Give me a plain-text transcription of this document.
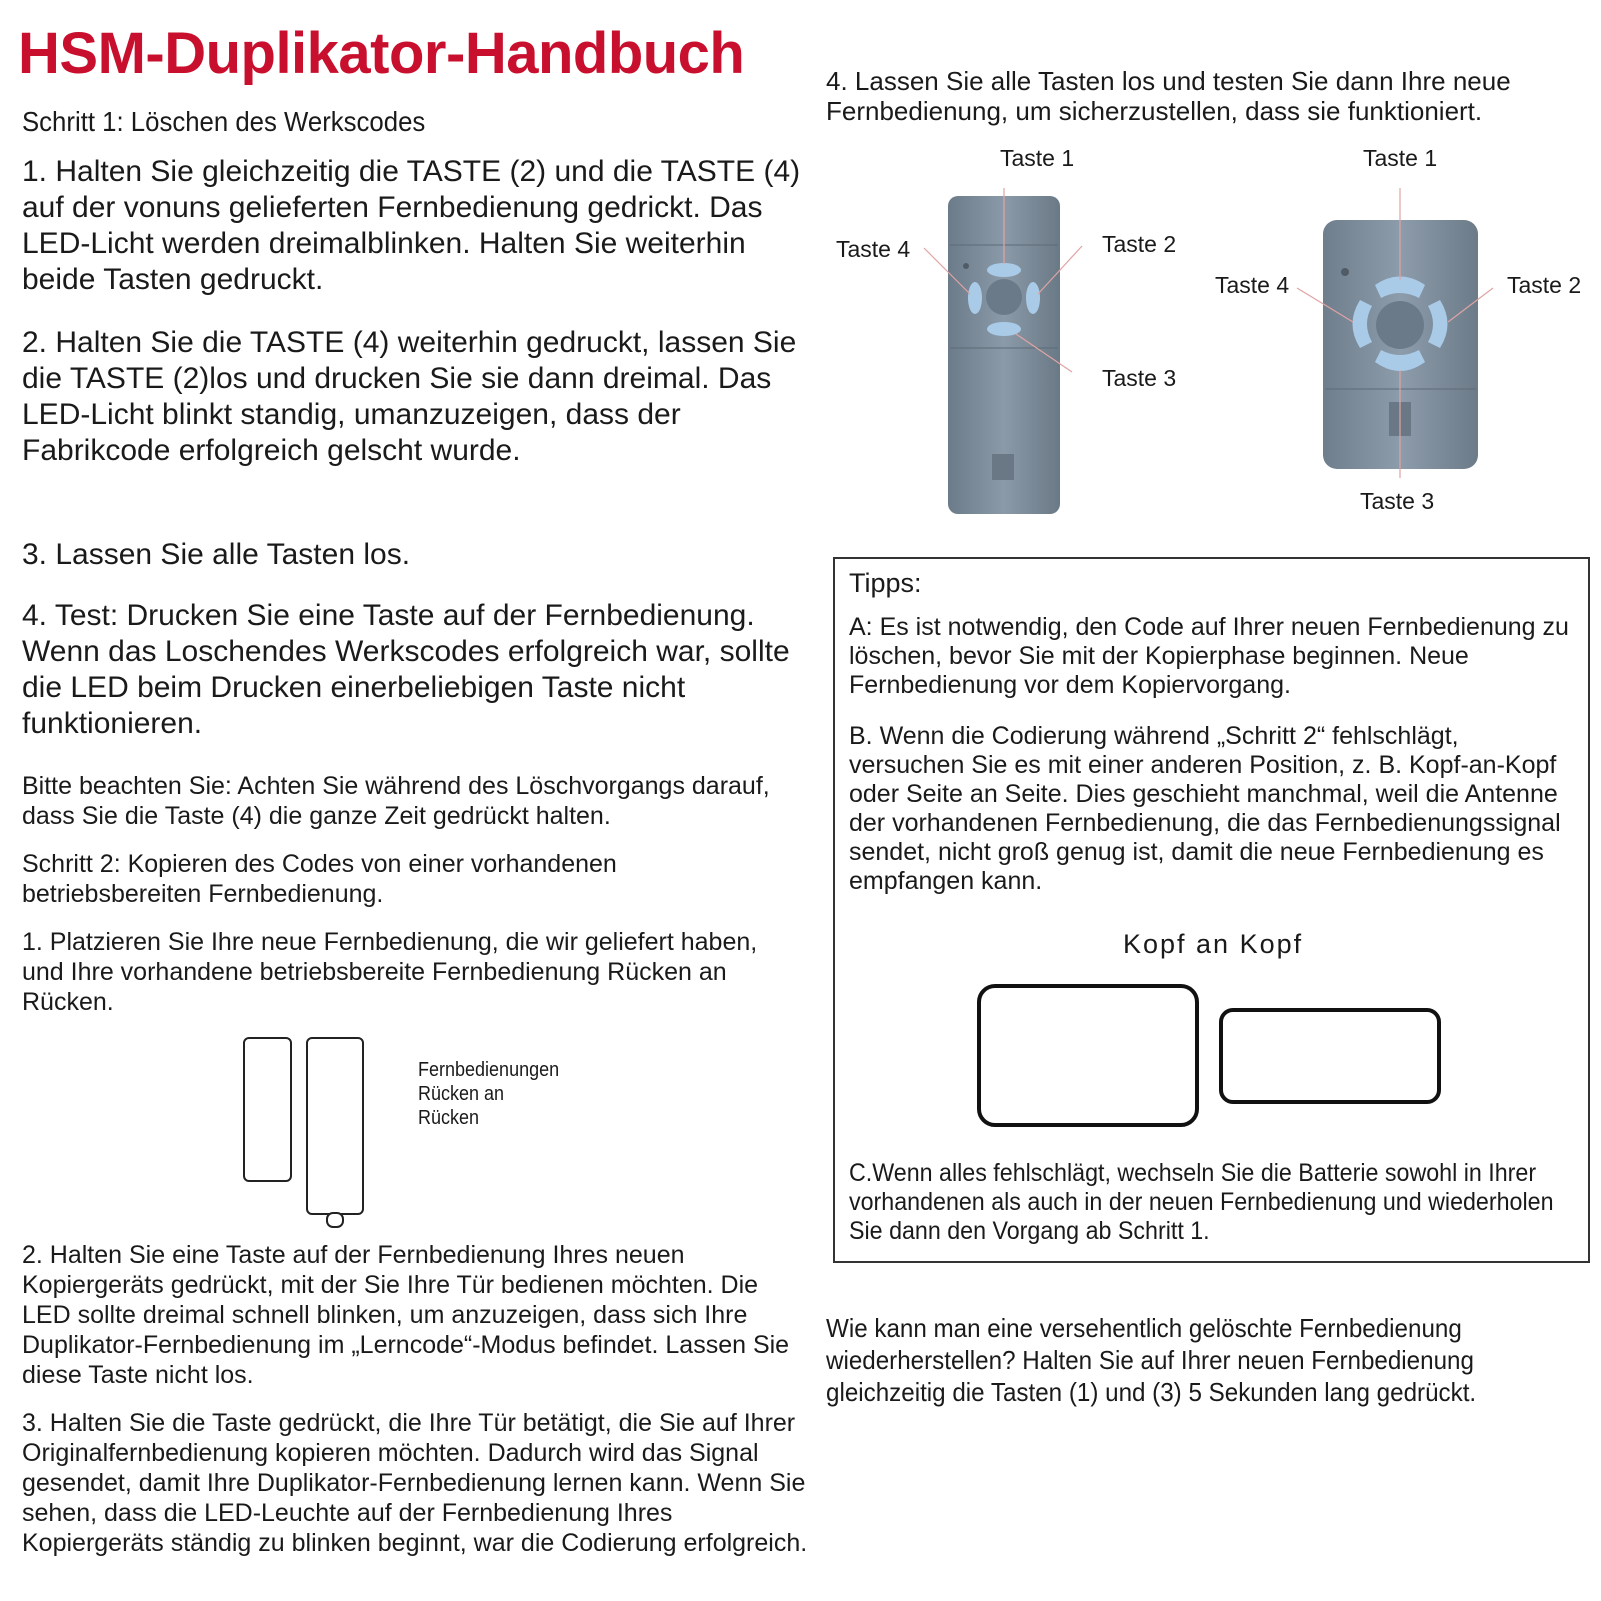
HSM-Duplikator-Handbuch
Schritt 1: Löschen des Werkscodes

1. Halten Sie gleichzeitig die TASTE (2) und die TASTE (4) auf der vonuns gelieferten Fernbedienung gedrickt. Das LED-Licht werden dreimalblinken. Halten Sie weiterhin beide Tasten gedruckt.

2. Halten Sie die TASTE (4) weiterhin gedruckt, lassen Sie die TASTE (2)los und drucken Sie sie dann dreimal. Das LED-Licht blinkt standig, umanzuzeigen, dass der Fabrikcode erfolgreich gelscht wurde.

3. Lassen Sie alle Tasten los.

4. Test: Drucken Sie eine Taste auf der Fernbedienung. Wenn das Loschendes Werkscodes erfolgreich war, sollte die LED beim Drucken einerbeliebigen Taste nicht funktionieren.

Bitte beachten Sie: Achten Sie während des Löschvorgangs darauf, dass Sie die Taste (4) die ganze Zeit gedrückt halten.

Schritt 2: Kopieren des Codes von einer vorhandenen betriebsbereiten Fernbedienung.

1. Platzieren Sie Ihre neue Fernbedienung, die wir geliefert haben, und Ihre vorhandene betriebsbereite Fernbedienung Rücken an Rücken.

Fernbedienungen
Rücken an
Rücken

2. Halten Sie eine Taste auf der Fernbedienung Ihres neuen Kopiergeräts gedrückt, mit der Sie Ihre Tür bedienen möchten. Die LED sollte dreimal schnell blinken, um anzuzeigen, dass sich Ihre Duplikator-Fernbedienung im „Lerncode“-Modus befindet. Lassen Sie diese Taste nicht los.

3. Halten Sie die Taste gedrückt, die Ihre Tür betätigt, die Sie auf Ihrer Originalfernbedienung kopieren möchten. Dadurch wird das Signal gesendet, damit Ihre Duplikator-Fernbedienung lernen kann. Wenn Sie sehen, dass die LED-Leuchte auf der Fernbedienung Ihres Kopiergeräts ständig zu blinken beginnt, war die Codierung erfolgreich.

4. Lassen Sie alle Tasten los und testen Sie dann Ihre neue Fernbedienung, um sicherzustellen, dass sie funktioniert.

Taste 1
Taste 2
Taste 3
Taste 4
Taste 1
Taste 2
Taste 3
Taste 4
Tipps:
A: Es ist notwendig, den Code auf Ihrer neuen Fernbedienung zu löschen, bevor Sie mit der Kopierphase beginnen. Neue Fernbedienung vor dem Kopiervorgang.
B. Wenn die Codierung während „Schritt 2“ fehlschlägt, versuchen Sie es mit einer anderen Position, z. B. Kopf-an-Kopf oder Seite an Seite. Dies geschieht manchmal, weil die Antenne der vorhandenen Fernbedienung, die das Fernbedienungssignal sendet, nicht groß genug ist, damit die neue Fernbedienung es empfangen kann.
Kopf an Kopf
C.Wenn alles fehlschlägt, wechseln Sie die Batterie sowohl in Ihrer vorhandenen als auch in der neuen Fernbedienung und wiederholen Sie dann den Vorgang ab Schritt 1.

Wie kann man eine versehentlich gelöschte Fernbedienung wiederherstellen? Halten Sie auf Ihrer neuen Fernbedienung gleichzeitig die Tasten (1) und (3) 5 Sekunden lang gedrückt.
